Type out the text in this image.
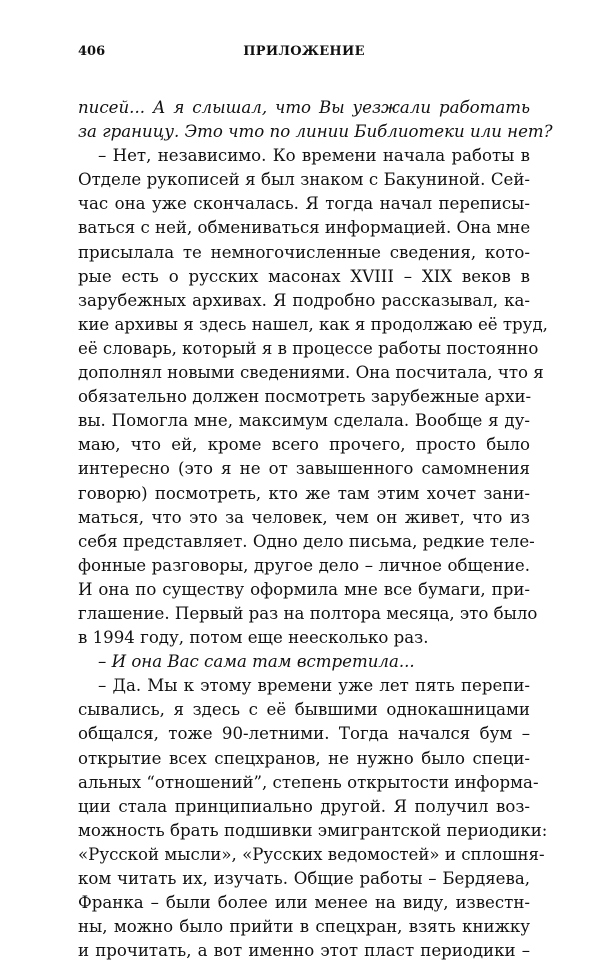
406	ПРИЛОЖЕНИЕ
писей... А я слышал, что Вы уезжали работать
за границу. Это что по линии Библиотеки или нет?
– Нет, независимо. Ко времени начала работы в
Отделе рукописей я был знаком с Бакуниной. Сей-
час она уже скончалась. Я тогда начал переписы-
ваться с ней, обмениваться информацией. Она мне
присылала те немногочисленные сведения, кото-
рые есть о русских масонах XVIII – XIX веков в
зарубежных архивах. Я подробно рассказывал, ка-
кие архивы я здесь нашел, как я продолжаю её труд,
её словарь, который я в процессе работы постоянно
дополнял новыми сведениями. Она посчитала, что я
обязательно должен посмотреть зарубежные архи-
вы. Помогла мне, максимум сделала. Вообще я ду-
маю, что ей, кроме всего прочего, просто было
интересно (это я не от завышенного самомнения
говорю) посмотреть, кто же там этим хочет зани-
маться, что это за человек, чем он живет, что из
себя представляет. Одно дело письма, редкие теле-
фонные разговоры, другое дело – личное общение.
И она по существу оформила мне все бумаги, при-
глашение. Первый раз на полтора месяца, это было
в 1994 году, потом еще неесколько раз.
– И она Вас сама там встретила...
– Да. Мы к этому времени уже лет пять перепи-
сывались, я здесь с её бывшими однокашницами
общался, тоже 90-летними. Тогда начался бум –
открытие всех спецхранов, не нужно было специ-
альных “отношений”, степень открытости информа-
ции стала принципиально другой. Я получил воз-
можность брать подшивки эмигрантской периодики:
«Русской мысли», «Русских ведомостей» и сплошня-
ком читать их, изучать. Общие работы – Бердяева,
Франка – были более или менее на виду, известн-
ны, можно было прийти в спецхран, взять книжку
и прочитать, а вот именно этот пласт периодики –
